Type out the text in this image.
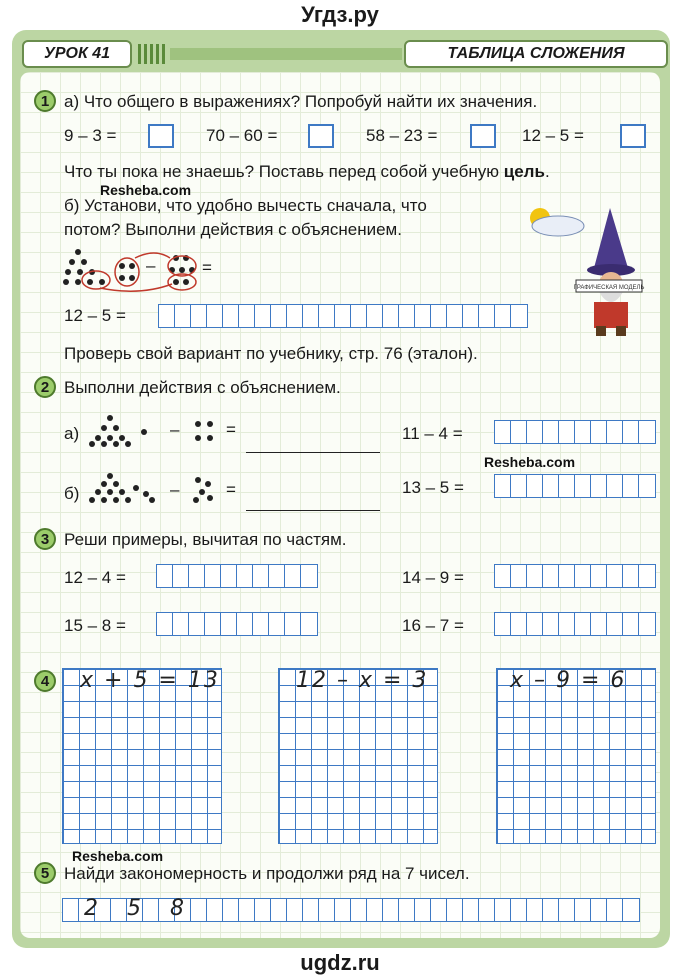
Угдз.ру
УРОК 41	ТАБЛИЦА СЛОЖЕНИЯ
1 а) Что общего в выражениях? Попробуй найти их значения.
9 – 3 =	70 – 60 =	58 – 23 =	12 – 5 =
Что ты пока не знаешь? Поставь перед собой учебную цель.
Resheba.com
б) Установи, что удобно вычесть сначала, что
потом? Выполни действия с объяснением.
–	=
12 – 5 =
ГРАФИЧЕСКАЯ МОДЕЛЬ
Проверь свой вариант по учебнику, стр. 76 (эталон).
2 Выполни действия с объяснением.
а)	–	=	11 – 4 =
Resheba.com
б)	–	=	13 – 5 =
3 Реши примеры, вычитая по частям.
12 – 4 =	14 – 9 =
15 – 8 =	16 – 7 =
4	x + 5 = 13	12 – x = 3	x – 9 = 6
Resheba.com
5 Найди закономерность и продолжи ряд на 7 чисел.
2   5   8
ugdz.ru
